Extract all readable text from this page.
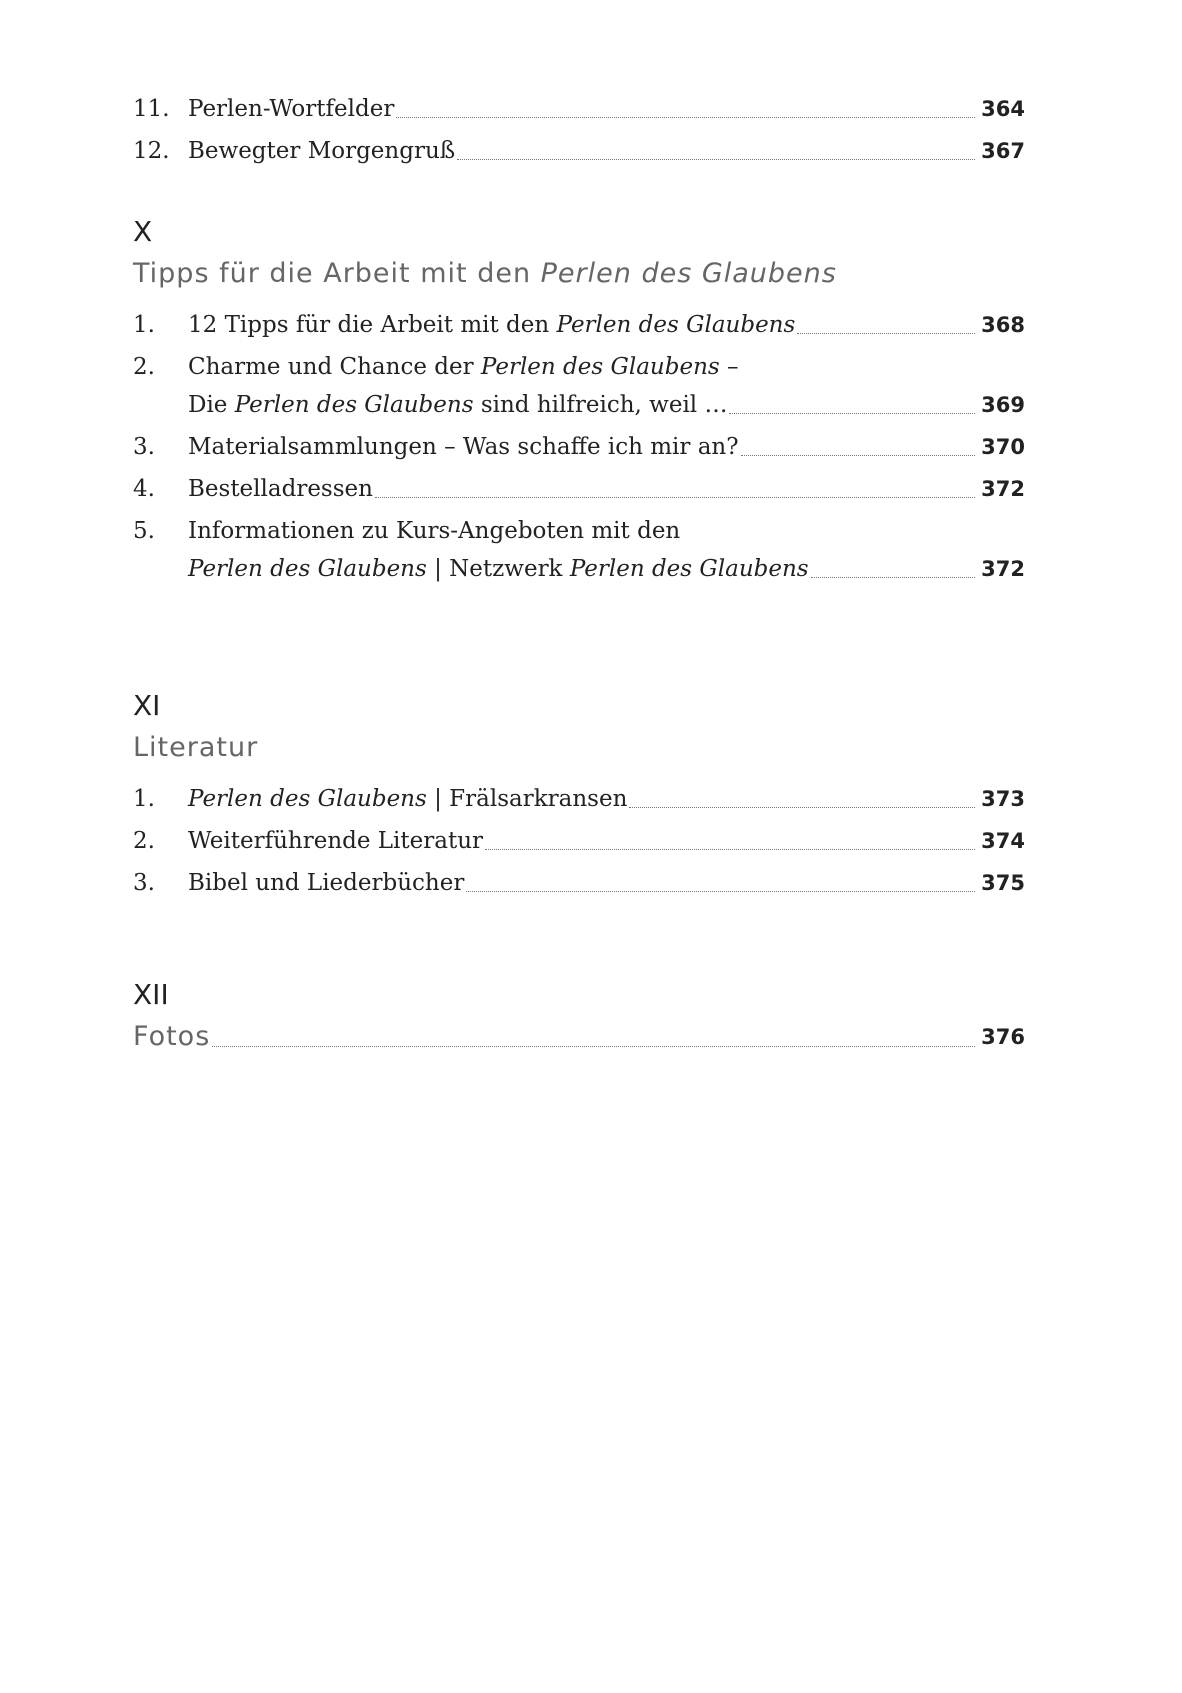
11. Perlen-Wortfelder	364
12. Bewegter Morgengruß	367
X
Tipps für die Arbeit mit den Perlen des Glaubens
1.	12 Tipps für die Arbeit mit den Perlen des Glaubens	368
2.	Charme und Chance der Perlen des Glaubens –
Die Perlen des Glaubens sind hilfreich, weil …	369
3.	Materialsammlungen – Was schaffe ich mir an?	370
4.	Bestelladressen	372
5.	Informationen zu Kurs-Angeboten mit den
Perlen des Glaubens | Netzwerk Perlen des Glaubens	372
XI
Literatur
1.	Perlen des Glaubens | Frälsarkransen	373
2.	Weiterführende Literatur	374
3.	Bibel und Liederbücher	375
XII
Fotos	376
